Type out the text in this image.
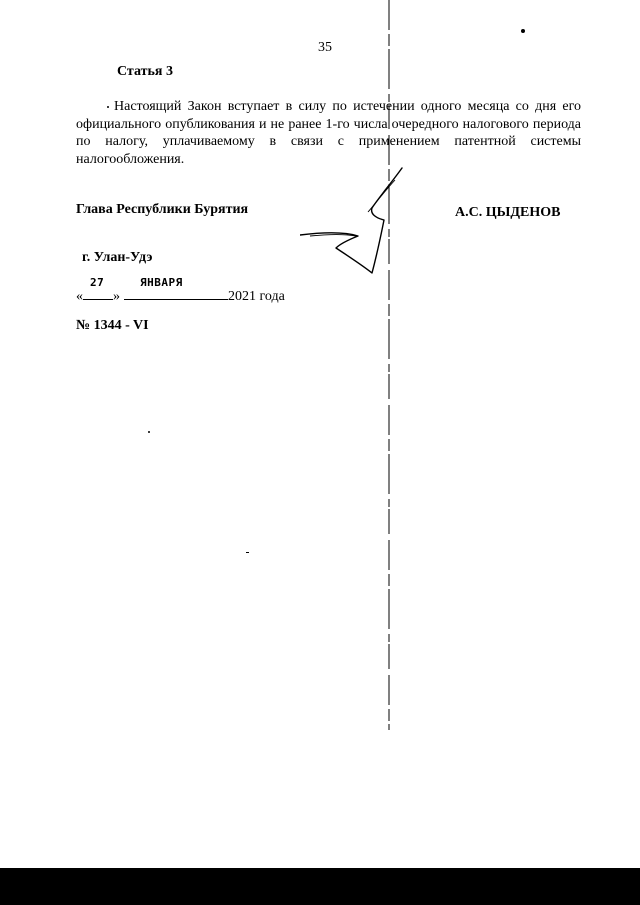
35
Статья 3

Настоящий Закон вступает в силу по истечении одного месяца со дня его официального опубликования и не ранее 1-го числа очередного налогового периода по налогу, уплачиваемому в связи с применением патентной системы налогообложения.

Глава Республики Бурятия	А.С. ЦЫДЕНОВ
г. Улан-Удэ
«
27
»
ЯНВАРЯ
2021 года
№ 1344 - VI
